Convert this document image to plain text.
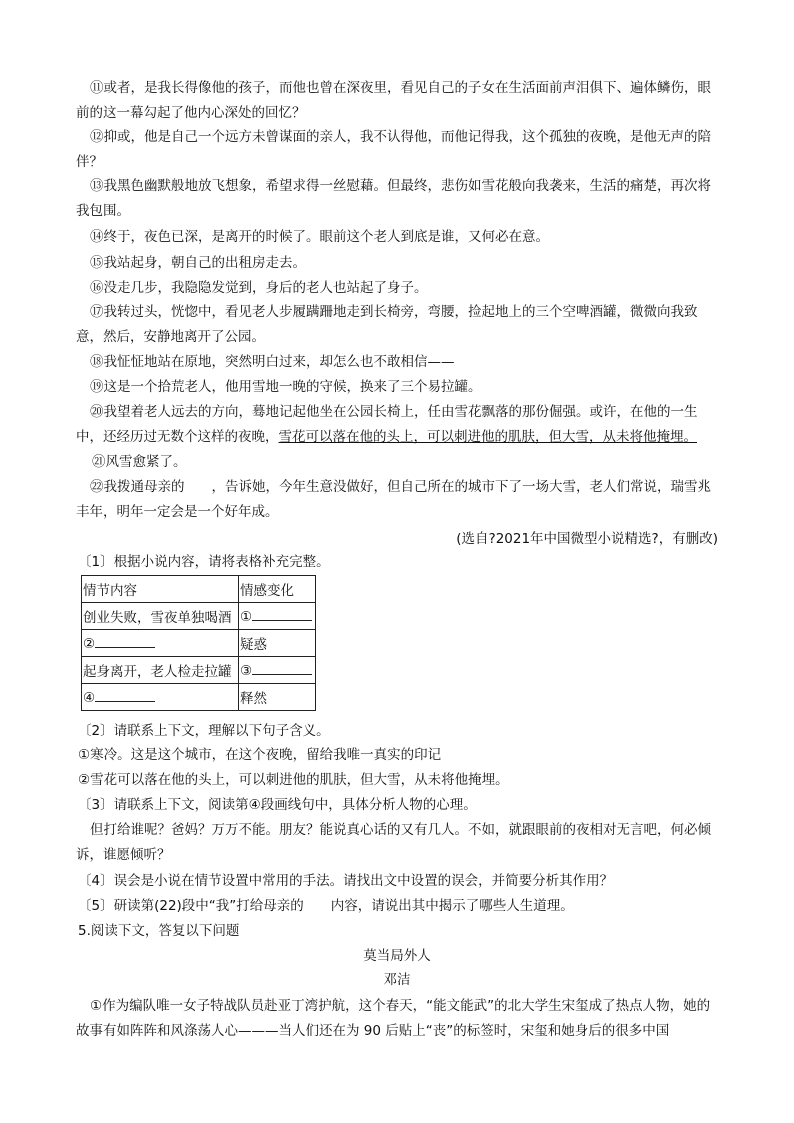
⑪或者，是我长得像他的孩子，而他也曾在深夜里，看见自己的子女在生活面前声泪俱下、遍体鳞伤，眼前的这一幕勾起了他内心深处的回忆？

⑫抑或，他是自己一个远方未曾谋面的亲人，我不认得他，而他记得我，这个孤独的夜晚，是他无声的陪伴？

⑬我黑色幽默般地放飞想象，希望求得一丝慰藉。但最终，悲伤如雪花般向我袭来，生活的痛楚，再次将我包围。

⑭终于，夜色已深，是离开的时候了。眼前这个老人到底是谁，又何必在意。

⑮我站起身，朝自己的出租房走去。

⑯没走几步，我隐隐发觉到，身后的老人也站起了身子。

⑰我转过头，恍惚中，看见老人步履蹒跚地走到长椅旁，弯腰，捡起地上的三个空啤酒罐，微微向我致意，然后，安静地离开了公园。

⑱我怔怔地站在原地，突然明白过来，却怎么也不敢相信——

⑲这是一个拾荒老人，他用雪地一晚的守候，换来了三个易拉罐。

⑳我望着老人远去的方向，蓦地记起他坐在公园长椅上，任由雪花飘落的那份倔强。或许，在他的一生中，还经历过无数个这样的夜晚，雪花可以落在他的头上，可以刺进他的肌肤，但大雪，从未将他掩埋。

㉑风雪愈紧了。

㉒我拨通母亲的　　，告诉她，今年生意没做好，但自己所在的城市下了一场大雪，老人们常说，瑞雪兆丰年，明年一定会是一个好年成。

(选自?2021年中国微型小说精选?，有删改)

〔1〕根据小说内容，请将表格补充完整。

情节内容	情感变化
创业失败，雪夜单独喝酒	①
②	疑惑
起身离开，老人检走拉罐	③
④	释然

〔2〕请联系上下文，理解以下句子含义。

①寒冷。这是这个城市，在这个夜晚，留给我唯一真实的印记

②雪花可以落在他的头上，可以刺进他的肌肤，但大雪，从未将他掩埋。

〔3〕请联系上下文，阅读第④段画线句中，具体分析人物的心理。

但打给谁呢？爸妈？万万不能。朋友？能说真心话的又有几人。不如，就跟眼前的夜相对无言吧，何必倾诉，谁愿倾听？

〔4〕误会是小说在情节设置中常用的手法。请找出文中设置的误会，并简要分析其作用？

〔5〕研读第(22)段中“我”打给母亲的　　内容，请说出其中揭示了哪些人生道理。

5.阅读下文，答复以下问题

莫当局外人
邓洁

①作为编队唯一女子特战队员赴亚丁湾护航，这个春天，“能文能武”的北大学生宋玺成了热点人物，她的故事有如阵阵和风涤荡人心———当人们还在为 90 后贴上“丧”的标签时，宋玺和她身后的很多中国
